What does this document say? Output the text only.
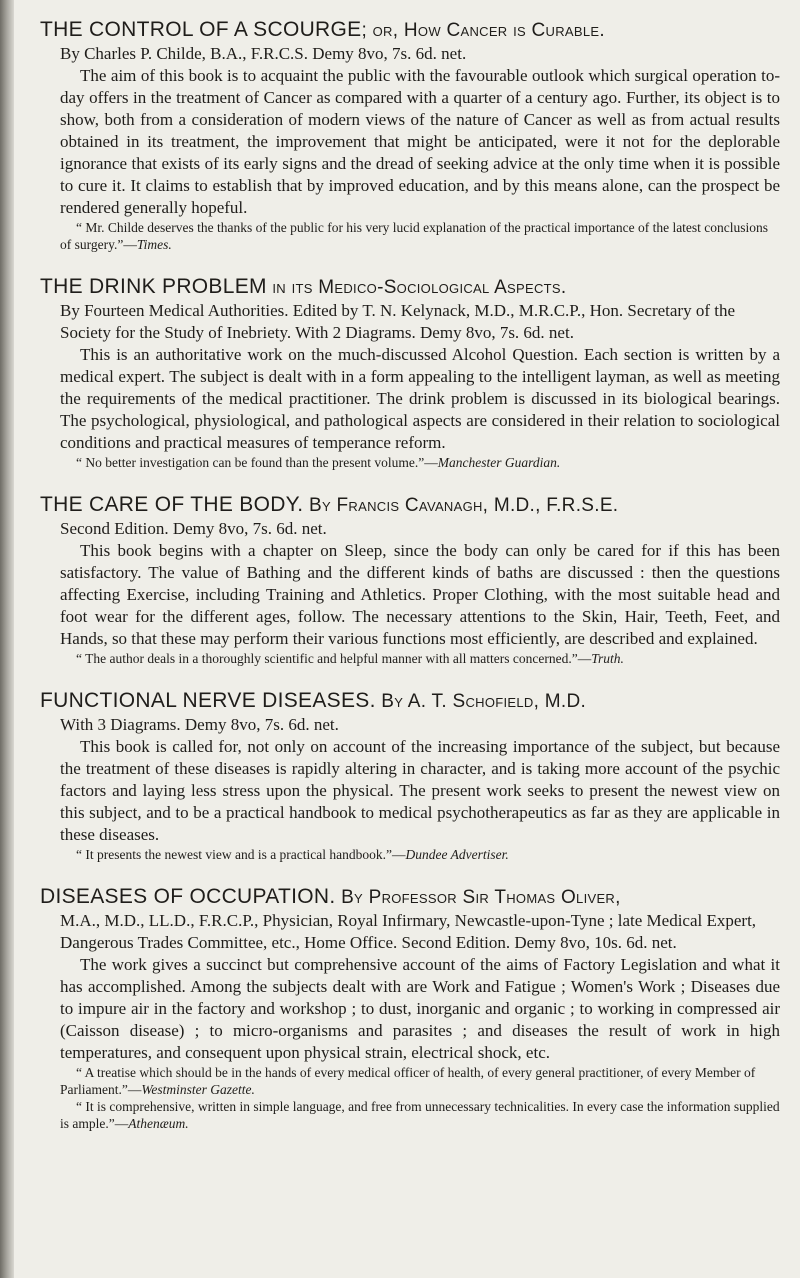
THE CONTROL OF A SCOURGE; or, How Cancer is Curable.

By Charles P. Childe, B.A., F.R.C.S. Demy 8vo, 7s. 6d. net.

The aim of this book is to acquaint the public with the favourable outlook which surgical operation to-day offers in the treatment of Cancer as compared with a quarter of a century ago. Further, its object is to show, both from a consideration of modern views of the nature of Cancer as well as from actual results obtained in its treatment, the improvement that might be anticipated, were it not for the deplorable ignorance that exists of its early signs and the dread of seeking advice at the only time when it is possible to cure it. It claims to establish that by improved education, and by this means alone, can the prospect be rendered generally hopeful.

“ Mr. Childe deserves the thanks of the public for his very lucid explanation of the practical importance of the latest conclusions of surgery.”—Times.

THE DRINK PROBLEM in its Medico-Sociological Aspects.

By Fourteen Medical Authorities. Edited by T. N. Kelynack, M.D., M.R.C.P., Hon. Secretary of the Society for the Study of Inebriety. With 2 Diagrams. Demy 8vo, 7s. 6d. net.

This is an authoritative work on the much-discussed Alcohol Question. Each section is written by a medical expert. The subject is dealt with in a form appealing to the intelligent layman, as well as meeting the requirements of the medical practitioner. The drink problem is discussed in its biological bearings. The psychological, physiological, and pathological aspects are considered in their relation to sociological conditions and practical measures of temperance reform.

“ No better investigation can be found than the present volume.”—Manchester Guardian.

THE CARE OF THE BODY. By Francis Cavanagh, M.D., F.R.S.E.

Second Edition. Demy 8vo, 7s. 6d. net.

This book begins with a chapter on Sleep, since the body can only be cared for if this has been satisfactory. The value of Bathing and the different kinds of baths are discussed : then the questions affecting Exercise, including Training and Athletics. Proper Clothing, with the most suitable head and foot wear for the different ages, follow. The necessary attentions to the Skin, Hair, Teeth, Feet, and Hands, so that these may perform their various functions most efficiently, are described and explained.

“ The author deals in a thoroughly scientific and helpful manner with all matters concerned.”—Truth.

FUNCTIONAL NERVE DISEASES. By A. T. Schofield, M.D.

With 3 Diagrams. Demy 8vo, 7s. 6d. net.

This book is called for, not only on account of the increasing importance of the subject, but because the treatment of these diseases is rapidly altering in character, and is taking more account of the psychic factors and laying less stress upon the physical. The present work seeks to present the newest view on this subject, and to be a practical handbook to medical psychotherapeutics as far as they are applicable in these diseases.

“ It presents the newest view and is a practical handbook.”—Dundee Advertiser.

DISEASES OF OCCUPATION. By Professor Sir Thomas Oliver,

M.A., M.D., LL.D., F.R.C.P., Physician, Royal Infirmary, Newcastle-upon-Tyne ; late Medical Expert, Dangerous Trades Committee, etc., Home Office. Second Edition. Demy 8vo, 10s. 6d. net.

The work gives a succinct but comprehensive account of the aims of Factory Legislation and what it has accomplished. Among the subjects dealt with are Work and Fatigue ; Women's Work ; Diseases due to impure air in the factory and workshop ; to dust, inorganic and organic ; to working in compressed air (Caisson disease) ; to micro-organisms and parasites ; and diseases the result of work in high temperatures, and consequent upon physical strain, electrical shock, etc.

“ A treatise which should be in the hands of every medical officer of health, of every general practitioner, of every Member of Parliament.”—Westminster Gazette.

“ It is comprehensive, written in simple language, and free from unnecessary technicalities. In every case the information supplied is ample.”—Athenæum.
